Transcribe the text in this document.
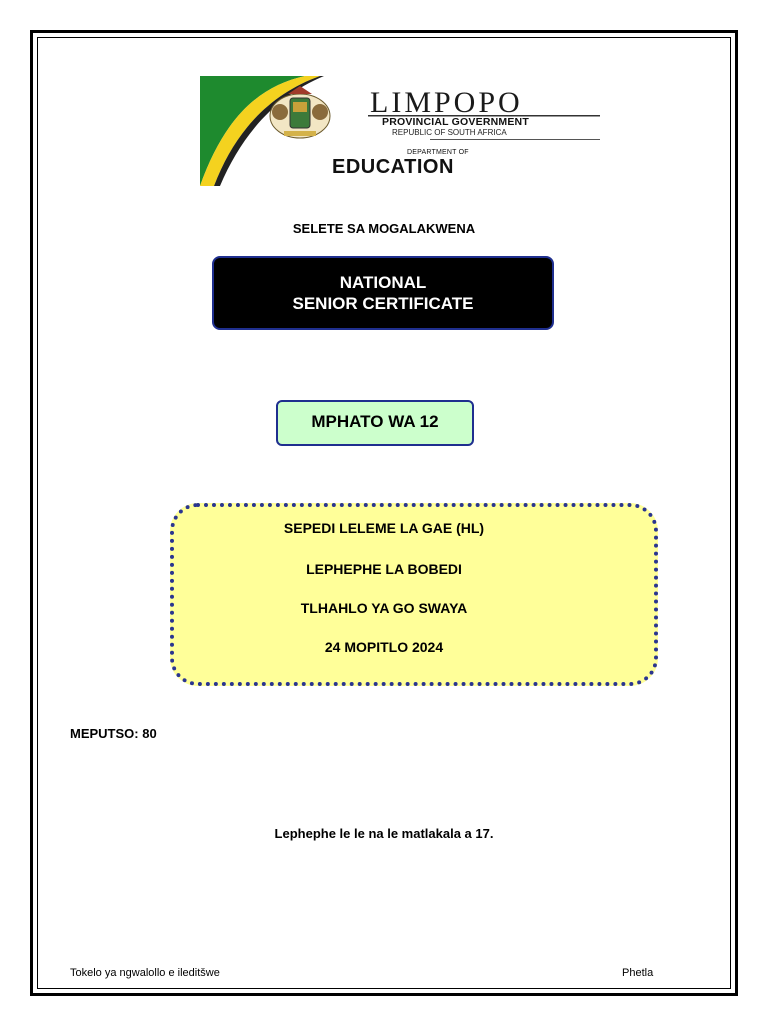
LIMPOPO
PROVINCIAL GOVERNMENT
REPUBLIC OF SOUTH AFRICA
DEPARTMENT OF
EDUCATION
SELETE SA MOGALAKWENA
NATIONAL
SENIOR CERTIFICATE
MPHATO WA 12
SEPEDI LELEME LA GAE (HL)
LEPHEPHE LA BOBEDI
TLHAHLO YA GO SWAYA
24 MOPITLO 2024
MEPUTSO: 80
Lephephe le le na le matlakala a 17.
Tokelo ya ngwalollo e ileditšwe	Phetla
